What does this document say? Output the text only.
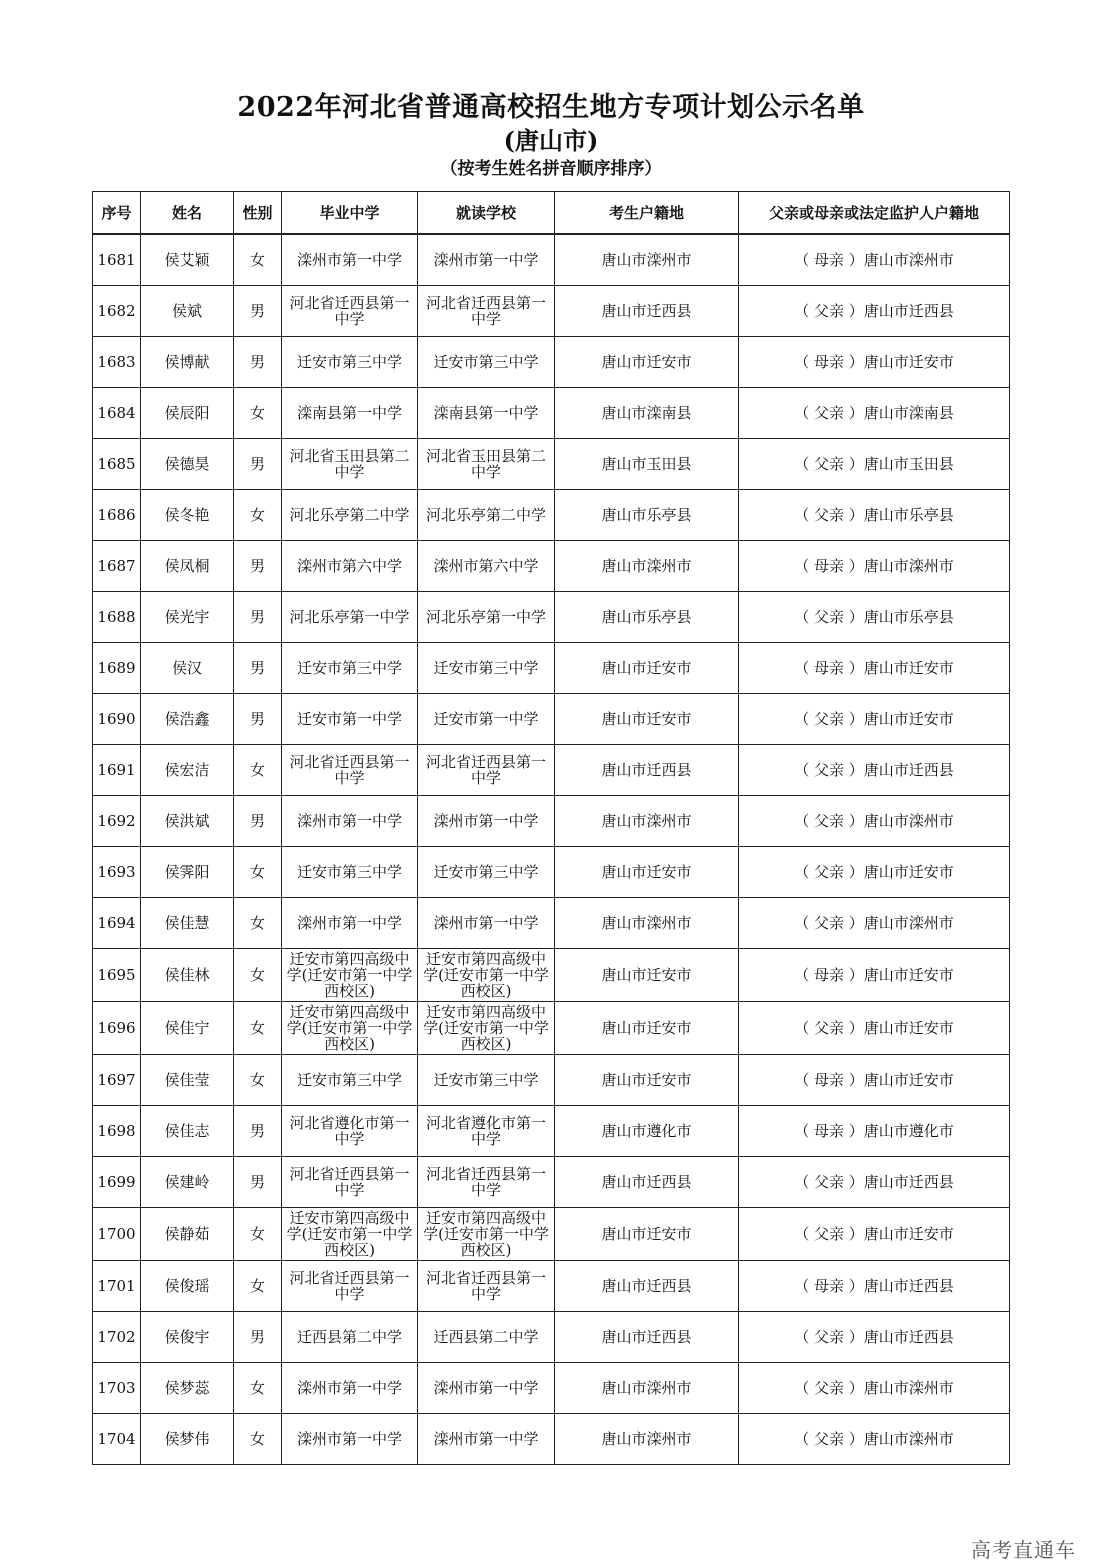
2022年河北省普通高校招生地方专项计划公示名单
(唐山市)
（按考生姓名拼音顺序排序）
序号	姓名	性别	毕业中学	就读学校	考生户籍地	父亲或母亲或法定监护人户籍地
1681	侯艾颖	女	滦州市第一中学	滦州市第一中学	唐山市滦州市	（ 母亲 ）唐山市滦州市
1682	侯斌	男	河北省迁西县第一中学	河北省迁西县第一中学	唐山市迁西县	（ 父亲 ）唐山市迁西县
1683	侯博献	男	迁安市第三中学	迁安市第三中学	唐山市迁安市	（ 母亲 ）唐山市迁安市
1684	侯辰阳	女	滦南县第一中学	滦南县第一中学	唐山市滦南县	（ 父亲 ）唐山市滦南县
1685	侯德昊	男	河北省玉田县第二中学	河北省玉田县第二中学	唐山市玉田县	（ 父亲 ）唐山市玉田县
1686	侯冬艳	女	河北乐亭第二中学	河北乐亭第二中学	唐山市乐亭县	（ 父亲 ）唐山市乐亭县
1687	侯凤桐	男	滦州市第六中学	滦州市第六中学	唐山市滦州市	（ 母亲 ）唐山市滦州市
1688	侯光宇	男	河北乐亭第一中学	河北乐亭第一中学	唐山市乐亭县	（ 父亲 ）唐山市乐亭县
1689	侯汉	男	迁安市第三中学	迁安市第三中学	唐山市迁安市	（ 母亲 ）唐山市迁安市
1690	侯浩鑫	男	迁安市第一中学	迁安市第一中学	唐山市迁安市	（ 父亲 ）唐山市迁安市
1691	侯宏洁	女	河北省迁西县第一中学	河北省迁西县第一中学	唐山市迁西县	（ 父亲 ）唐山市迁西县
1692	侯洪斌	男	滦州市第一中学	滦州市第一中学	唐山市滦州市	（ 父亲 ）唐山市滦州市
1693	侯霁阳	女	迁安市第三中学	迁安市第三中学	唐山市迁安市	（ 父亲 ）唐山市迁安市
1694	侯佳慧	女	滦州市第一中学	滦州市第一中学	唐山市滦州市	（ 父亲 ）唐山市滦州市
1695	侯佳林	女	迁安市第四高级中学(迁安市第一中学西校区)	迁安市第四高级中学(迁安市第一中学西校区)	唐山市迁安市	（ 母亲 ）唐山市迁安市
1696	侯佳宁	女	迁安市第四高级中学(迁安市第一中学西校区)	迁安市第四高级中学(迁安市第一中学西校区)	唐山市迁安市	（ 父亲 ）唐山市迁安市
1697	侯佳莹	女	迁安市第三中学	迁安市第三中学	唐山市迁安市	（ 母亲 ）唐山市迁安市
1698	侯佳志	男	河北省遵化市第一中学	河北省遵化市第一中学	唐山市遵化市	（ 母亲 ）唐山市遵化市
1699	侯建岭	男	河北省迁西县第一中学	河北省迁西县第一中学	唐山市迁西县	（ 父亲 ）唐山市迁西县
1700	侯静茹	女	迁安市第四高级中学(迁安市第一中学西校区)	迁安市第四高级中学(迁安市第一中学西校区)	唐山市迁安市	（ 父亲 ）唐山市迁安市
1701	侯俊瑶	女	河北省迁西县第一中学	河北省迁西县第一中学	唐山市迁西县	（ 母亲 ）唐山市迁西县
1702	侯俊宇	男	迁西县第二中学	迁西县第二中学	唐山市迁西县	（ 父亲 ）唐山市迁西县
1703	侯梦蕊	女	滦州市第一中学	滦州市第一中学	唐山市滦州市	（ 父亲 ）唐山市滦州市
1704	侯梦伟	女	滦州市第一中学	滦州市第一中学	唐山市滦州市	（ 父亲 ）唐山市滦州市
高考直通车
